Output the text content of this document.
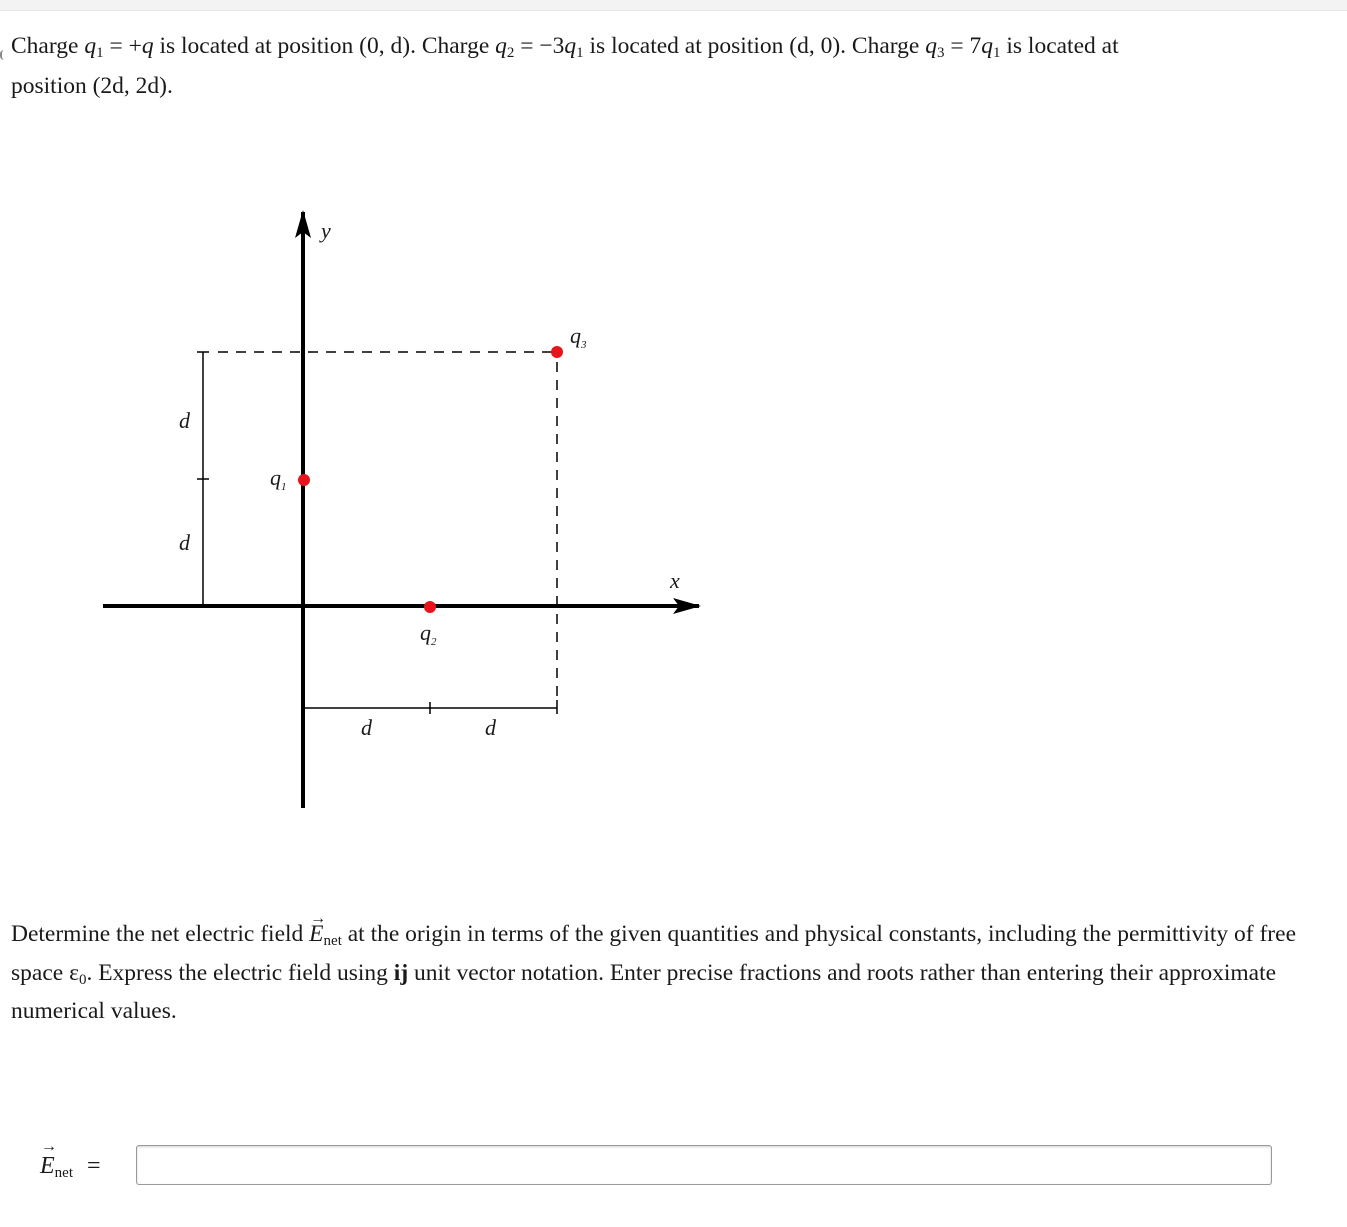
Charge $q_1 = +q$ is located at position (0, d). Charge $q_2 = -3q_1$ is located at position (d, 0). Charge $q_3 = 7q_1$ is located at
position (2d, 2d).
y
x
d
d
d	d
$q_1$
$q_2$
$q_3$
Determine the net electric field → $E_{net}$ at the origin in terms of the given quantities and physical constants, including the permittivity of free space $\varepsilon_0$. Express the electric field using ij unit vector notation. Enter precise fractions and roots rather than entering their approximate numerical values.
→ $E_{net}$ =
